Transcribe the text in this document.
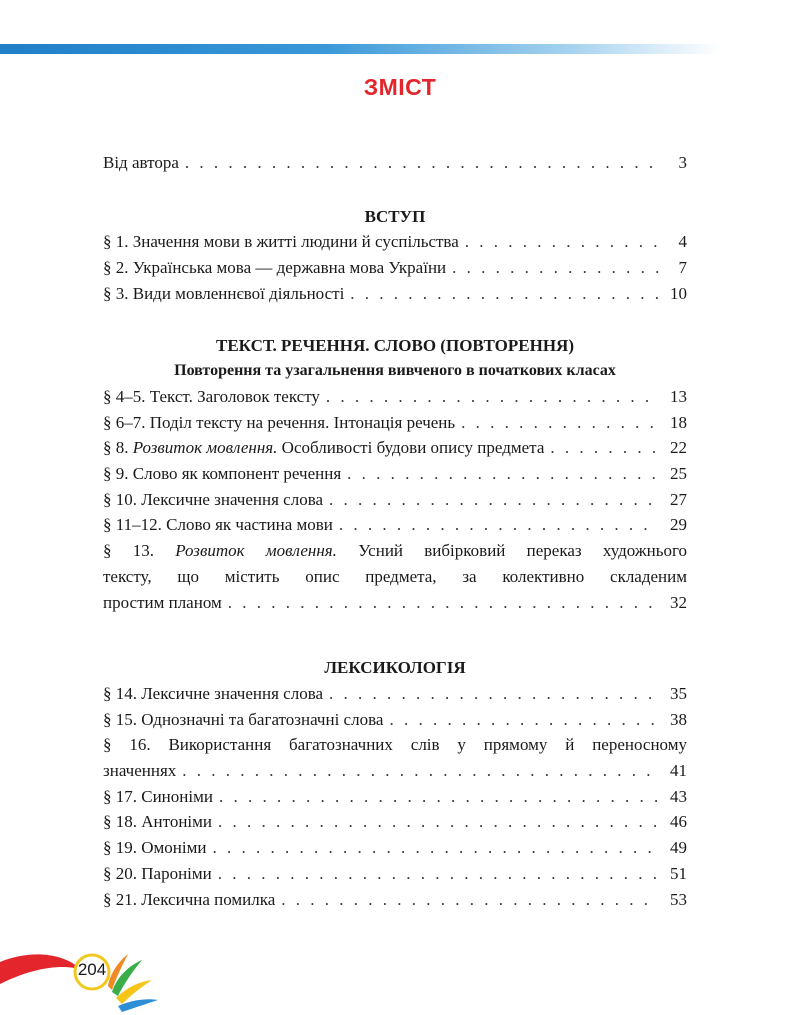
ЗМІСТ
Від автора . . .	3
ВСТУП
§ 1. Значення мови в житті людини й суспільства . . .	4
§ 2. Українська мова — державна мова України . . .	7
§ 3. Види мовленнєвої діяльності . . .	10
ТЕКСТ. РЕЧЕННЯ. СЛОВО (ПОВТОРЕННЯ)
Повторення та узагальнення вивченого в початкових класах
§ 4–5. Текст. Заголовок тексту . . .	13
§ 6–7. Поділ тексту на речення. Інтонація речень . . .	18
§ 8. Розвиток мовлення. Особливості будови опису предмета . . .	22
§ 9. Слово як компонент речення . . .	25
§ 10. Лексичне значення слова . . .	27
§ 11–12. Слово як частина мови . . .	29
§ 13. Розвиток мовлення. Усний вибірковий переказ художнього
тексту, що містить опис предмета, за колективно складеним
простим планом . . .	32
ЛЕКСИКОЛОГІЯ
§ 14. Лексичне значення слова . . .	35
§ 15. Однозначні та багатозначні слова . . .	38
§ 16. Використання багатозначних слів у прямому й переносному
значеннях . . .	41
§ 17. Синоніми . . .	43
§ 18. Антоніми . . .	46
§ 19. Омоніми . . .	49
§ 20. Пароніми . . .	51
§ 21. Лексична помилка . . .	53
204
